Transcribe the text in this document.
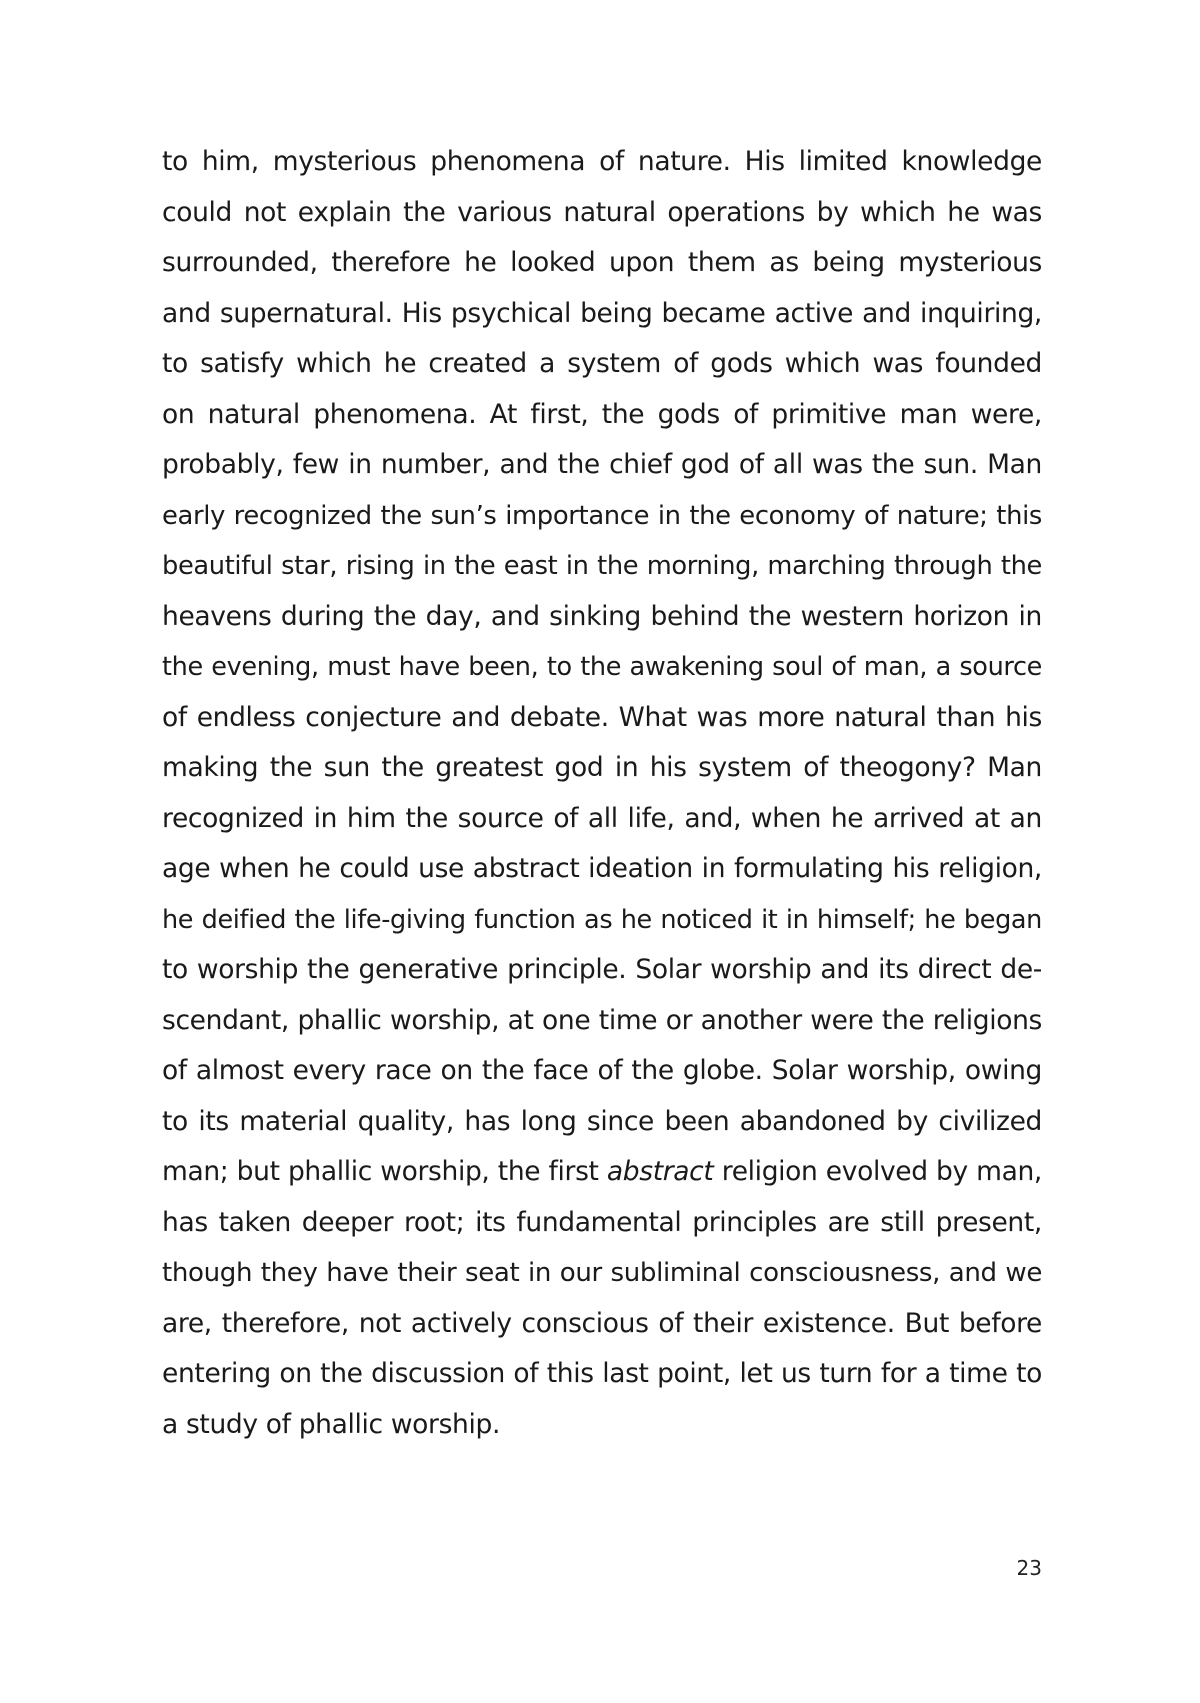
to him, mysterious phenomena of nature. His limited knowledge
could not explain the various natural operations by which he was
surrounded, therefore he looked upon them as being mysterious
and supernatural. His psychical being became active and inquiring,
to satisfy which he created a system of gods which was founded
on natural phenomena. At first, the gods of primitive man were,
probably, few in number, and the chief god of all was the sun. Man
early recognized the sun’s importance in the economy of nature; this
beautiful star, rising in the east in the morning, marching through the
heavens during the day, and sinking behind the western horizon in
the evening, must have been, to the awakening soul of man, a source
of endless conjecture and debate. What was more natural than his
making the sun the greatest god in his system of theogony? Man
recognized in him the source of all life, and, when he arrived at an
age when he could use abstract ideation in formulating his religion,
he deified the life-giving function as he noticed it in himself; he began
to worship the generative principle. Solar worship and its direct de-
scendant, phallic worship, at one time or another were the religions
of almost every race on the face of the globe. Solar worship, owing
to its material quality, has long since been abandoned by civilized
man; but phallic worship, the first abstract religion evolved by man,
has taken deeper root; its fundamental principles are still present,
though they have their seat in our subliminal consciousness, and we
are, therefore, not actively conscious of their existence. But before
entering on the discussion of this last point, let us turn for a time to
a study of phallic worship.
23
